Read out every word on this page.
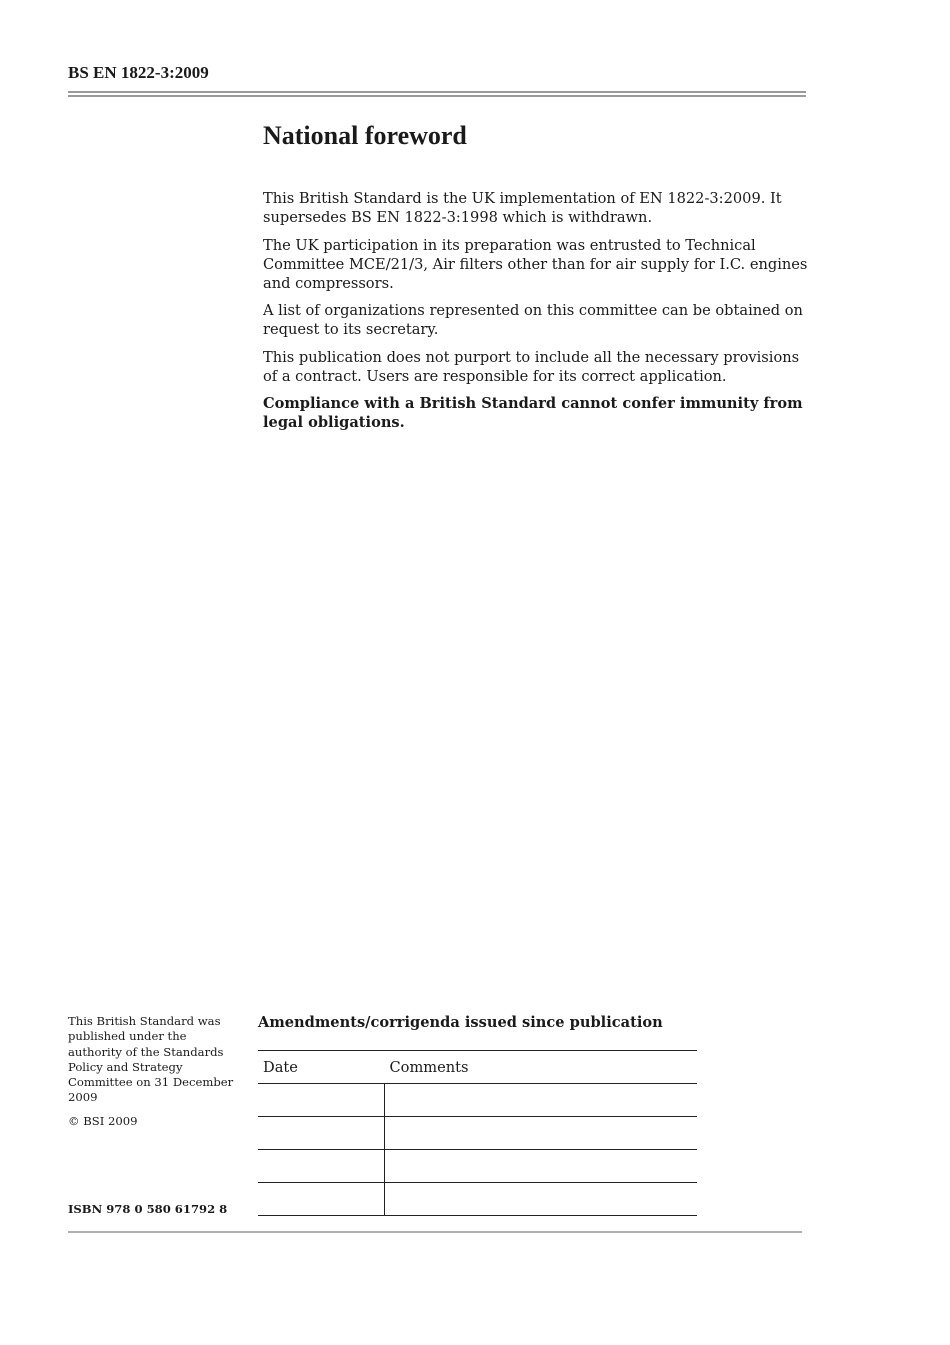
BS EN 1822-3:2009
National foreword

This British Standard is the UK implementation of EN 1822-3:2009. It supersedes BS EN 1822-3:1998 which is withdrawn.

The UK participation in its preparation was entrusted to Technical Committee MCE/21/3, Air filters other than for air supply for I.C. engines and compressors.

A list of organizations represented on this committee can be obtained on request to its secretary.

This publication does not purport to include all the necessary provisions of a contract. Users are responsible for its correct application.

Compliance with a British Standard cannot confer immunity from legal obligations.

This British Standard was published under the authority of the Standards Policy and Strategy Committee on 31 December 2009

© BSI 2009

ISBN 978 0 580 61792 8
Amendments/corrigenda issued since publication
Date	Comments
